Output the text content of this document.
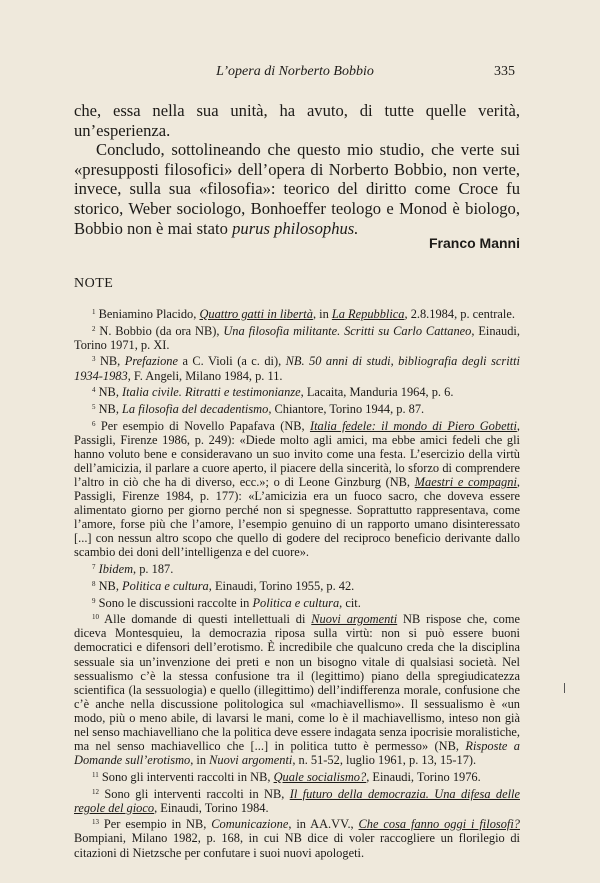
L’opera di Norberto Bobbio	335

che, essa nella sua unità, ha avuto, di tutte quelle verità, un’esperienza.

Concludo, sottolineando che questo mio studio, che verte sui «presupposti filosofici» dell’opera di Norberto Bobbio, non verte, invece, sulla sua «filosofia»: teorico del diritto come Croce fu storico, Weber sociologo, Bonhoeffer teologo e Monod è biologo, Bobbio non è mai stato purus philosophus.

Franco Manni
NOTE

$^1$ Beniamino Placido, Quattro gatti in libertà, in La Repubblica, 2.8.1984, p. centrale.

$^2$ N. Bobbio (da ora NB), Una filosofia militante. Scritti su Carlo Cattaneo, Einaudi, Torino 1971, p. XI.

$^3$ NB, Prefazione a C. Violi (a c. di), NB. 50 anni di studi, bibliografia degli scritti 1934-1983, F. Angeli, Milano 1984, p. 11.

$^4$ NB, Italia civile. Ritratti e testimonianze, Lacaita, Manduria 1964, p. 6.

$^5$ NB, La filosofia del decadentismo, Chiantore, Torino 1944, p. 87.

$^6$ Per esempio di Novello Papafava (NB, Italia fedele: il mondo di Piero Gobetti, Passigli, Firenze 1986, p. 249): «Diede molto agli amici, ma ebbe amici fedeli che gli hanno voluto bene e consideravano un suo invito come una festa. L’esercizio della virtù dell’amicizia, il parlare a cuore aperto, il piacere della sincerità, lo sforzo di comprendere l’altro in ciò che ha di diverso, ecc.»; o di Leone Ginzburg (NB, Maestri e compagni, Passigli, Firenze 1984, p. 177): «L’amicizia era un fuoco sacro, che doveva essere alimentato giorno per giorno perché non si spegnesse. Soprattutto rappresentava, come l’amore, forse più che l’amore, l’esempio genuino di un rapporto umano disinteressato [...] con nessun altro scopo che quello di godere del reciproco beneficio derivante dallo scambio dei doni dell’intelligenza e del cuore».

$^7$ Ibidem, p. 187.

$^8$ NB, Politica e cultura, Einaudi, Torino 1955, p. 42.

$^9$ Sono le discussioni raccolte in Politica e cultura, cit.

$^{10}$ Alle domande di questi intellettuali di Nuovi argomenti NB rispose che, come diceva Montesquieu, la democrazia riposa sulla virtù: non si può essere buoni democratici e difensori dell’erotismo. È incredibile che qualcuno creda che la disciplina sessuale sia un’invenzione dei preti e non un bisogno vitale di qualsiasi società. Nel sessualismo c’è la stessa confusione tra il (legittimo) piano della spregiudicatezza scientifica (la sessuologia) e quello (illegittimo) dell’indifferenza morale, confusione che c’è anche nella discussione politologica sul «machiavellismo». Il sessualismo è «un modo, più o meno abile, di lavarsi le mani, come lo è il machiavellismo, inteso non già nel senso machiavelliano che la politica deve essere indagata senza ipocrisie moralistiche, ma nel senso machiavellico che [...] in politica tutto è permesso» (NB, Risposte a Domande sull’erotismo, in Nuovi argomenti, n. 51-52, luglio 1961, p. 13, 15-17).

$^{11}$ Sono gli interventi raccolti in NB, Quale socialismo?, Einaudi, Torino 1976.

$^{12}$ Sono gli interventi raccolti in NB, Il futuro della democrazia. Una difesa delle regole del gioco, Einaudi, Torino 1984.

$^{13}$ Per esempio in NB, Comunicazione, in AA.VV., Che cosa fanno oggi i filosofi? Bompiani, Milano 1982, p. 168, in cui NB dice di voler raccogliere un florilegio di citazioni di Nietzsche per confutare i suoi nuovi apologeti.
